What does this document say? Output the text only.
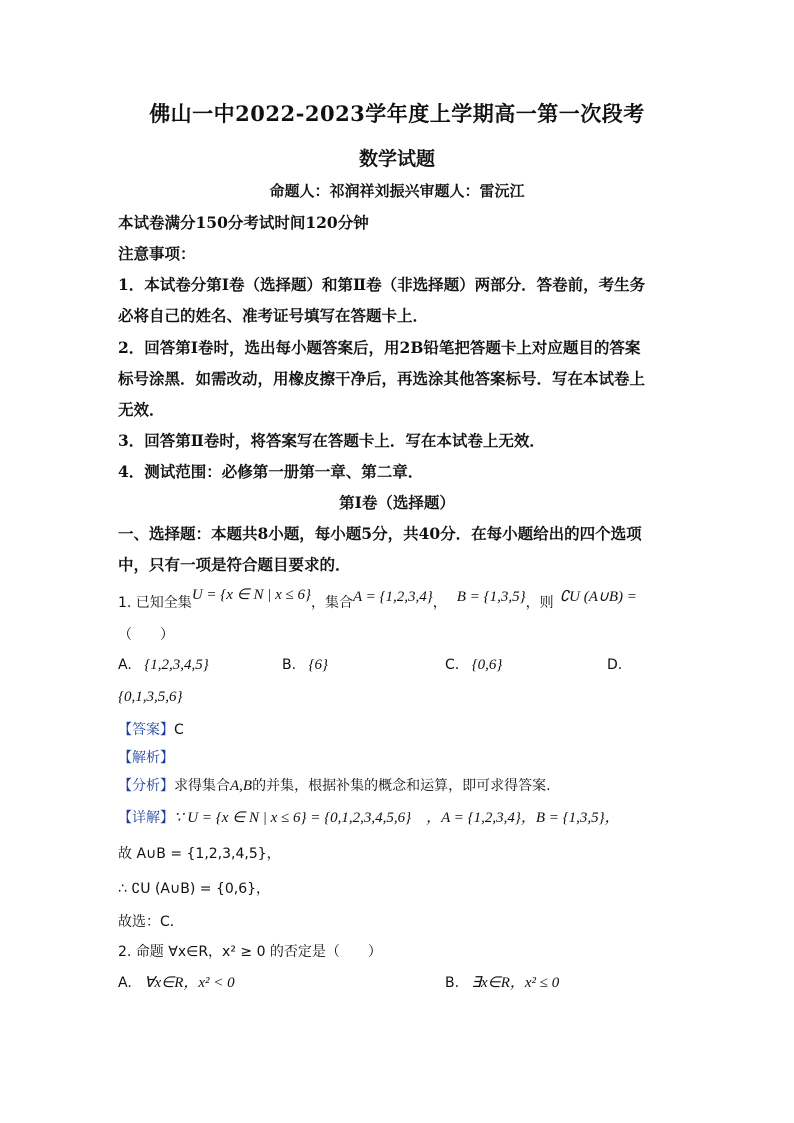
佛山一中2022-2023学年度上学期高一第一次段考
数学试题
命题人：祁润祥刘振兴审题人：雷沅江
本试卷满分150分考试时间120分钟
注意事项：
1．本试卷分第Ⅰ卷（选择题）和第Ⅱ卷（非选择题）两部分．答卷前，考生务
必将自己的姓名、准考证号填写在答题卡上．
2．回答第Ⅰ卷时，选出每小题答案后，用2B铅笔把答题卡上对应题目的答案
标号涂黑．如需改动，用橡皮擦干净后，再选涂其他答案标号．写在本试卷上
无效．
3．回答第Ⅱ卷时，将答案写在答题卡上．写在本试卷上无效．
4．测试范围：必修第一册第一章、第二章．
第Ⅰ卷（选择题）
一、选择题：本题共8小题，每小题5分，共40分．在每小题给出的四个选项
中，只有一项是符合题目要求的．
1. 已知全集U = {x ∈ N | x ≤ 6}，集合A = {1,2,3,4}， B = {1,3,5}，则 ∁U (A∪B) =
（　　）
A. {1,2,3,4,5}	B. {6}	C. {0,6}	D.
{0,1,3,5,6}
【答案】C
【解析】
【分析】求得集合A,B的并集，根据补集的概念和运算，即可求得答案.
【详解】∵ U = {x ∈ N | x ≤ 6} = {0,1,2,3,4,5,6}　，A = {1,2,3,4}，B = {1,3,5}，
故 A∪B = {1,2,3,4,5}，
∴ ∁U (A∪B) = {0,6}，
故选：C．
2. 命题 ∀x∈R，x² ≥ 0 的否定是（　　）
A. ∀x∈R，x² < 0	B. ∃x∈R，x² ≤ 0
